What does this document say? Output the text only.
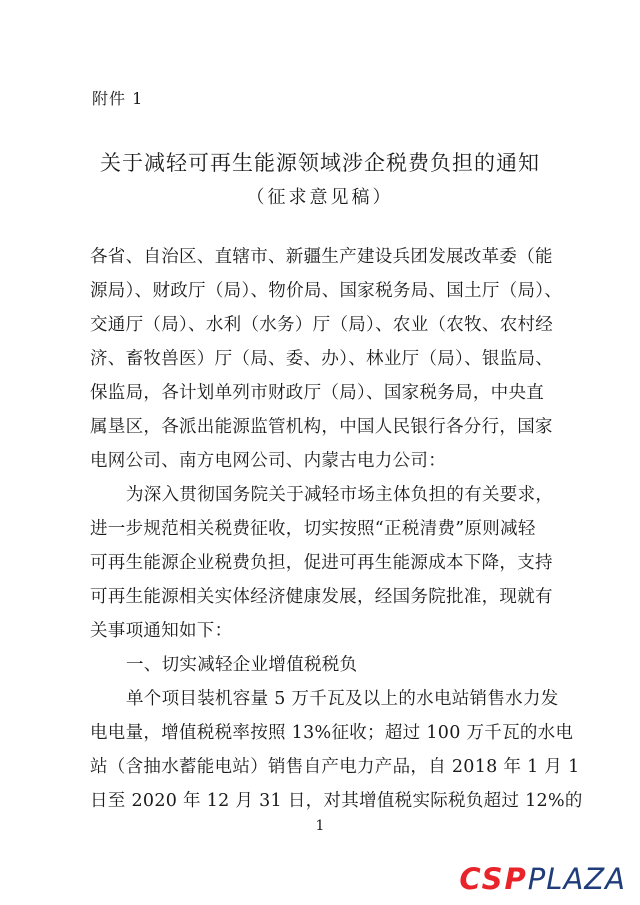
附件 1
关于减轻可再生能源领域涉企税费负担的通知
（征求意见稿）
各省、自治区、直辖市、新疆生产建设兵团发展改革委（能
源局）、财政厅（局）、物价局、国家税务局、国土厅（局）、
交通厅（局）、水利（水务）厅（局）、农业（农牧、农村经
济、畜牧兽医）厅（局、委、办）、林业厅（局）、银监局、
保监局，各计划单列市财政厅（局）、国家税务局，中央直
属垦区，各派出能源监管机构，中国人民银行各分行，国家
电网公司、南方电网公司、内蒙古电力公司：
为深入贯彻国务院关于减轻市场主体负担的有关要求，
进一步规范相关税费征收，切实按照“正税清费”原则减轻
可再生能源企业税费负担，促进可再生能源成本下降，支持
可再生能源相关实体经济健康发展，经国务院批准，现就有
关事项通知如下：
一、切实减轻企业增值税税负
单个项目装机容量 5 万千瓦及以上的水电站销售水力发
电电量，增值税税率按照 13%征收；超过 100 万千瓦的水电
站（含抽水蓄能电站）销售自产电力产品，自 2018 年 1 月 1
日至 2020 年 12 月 31 日，对其增值税实际税负超过 12%的
1
CSPPLAZA
